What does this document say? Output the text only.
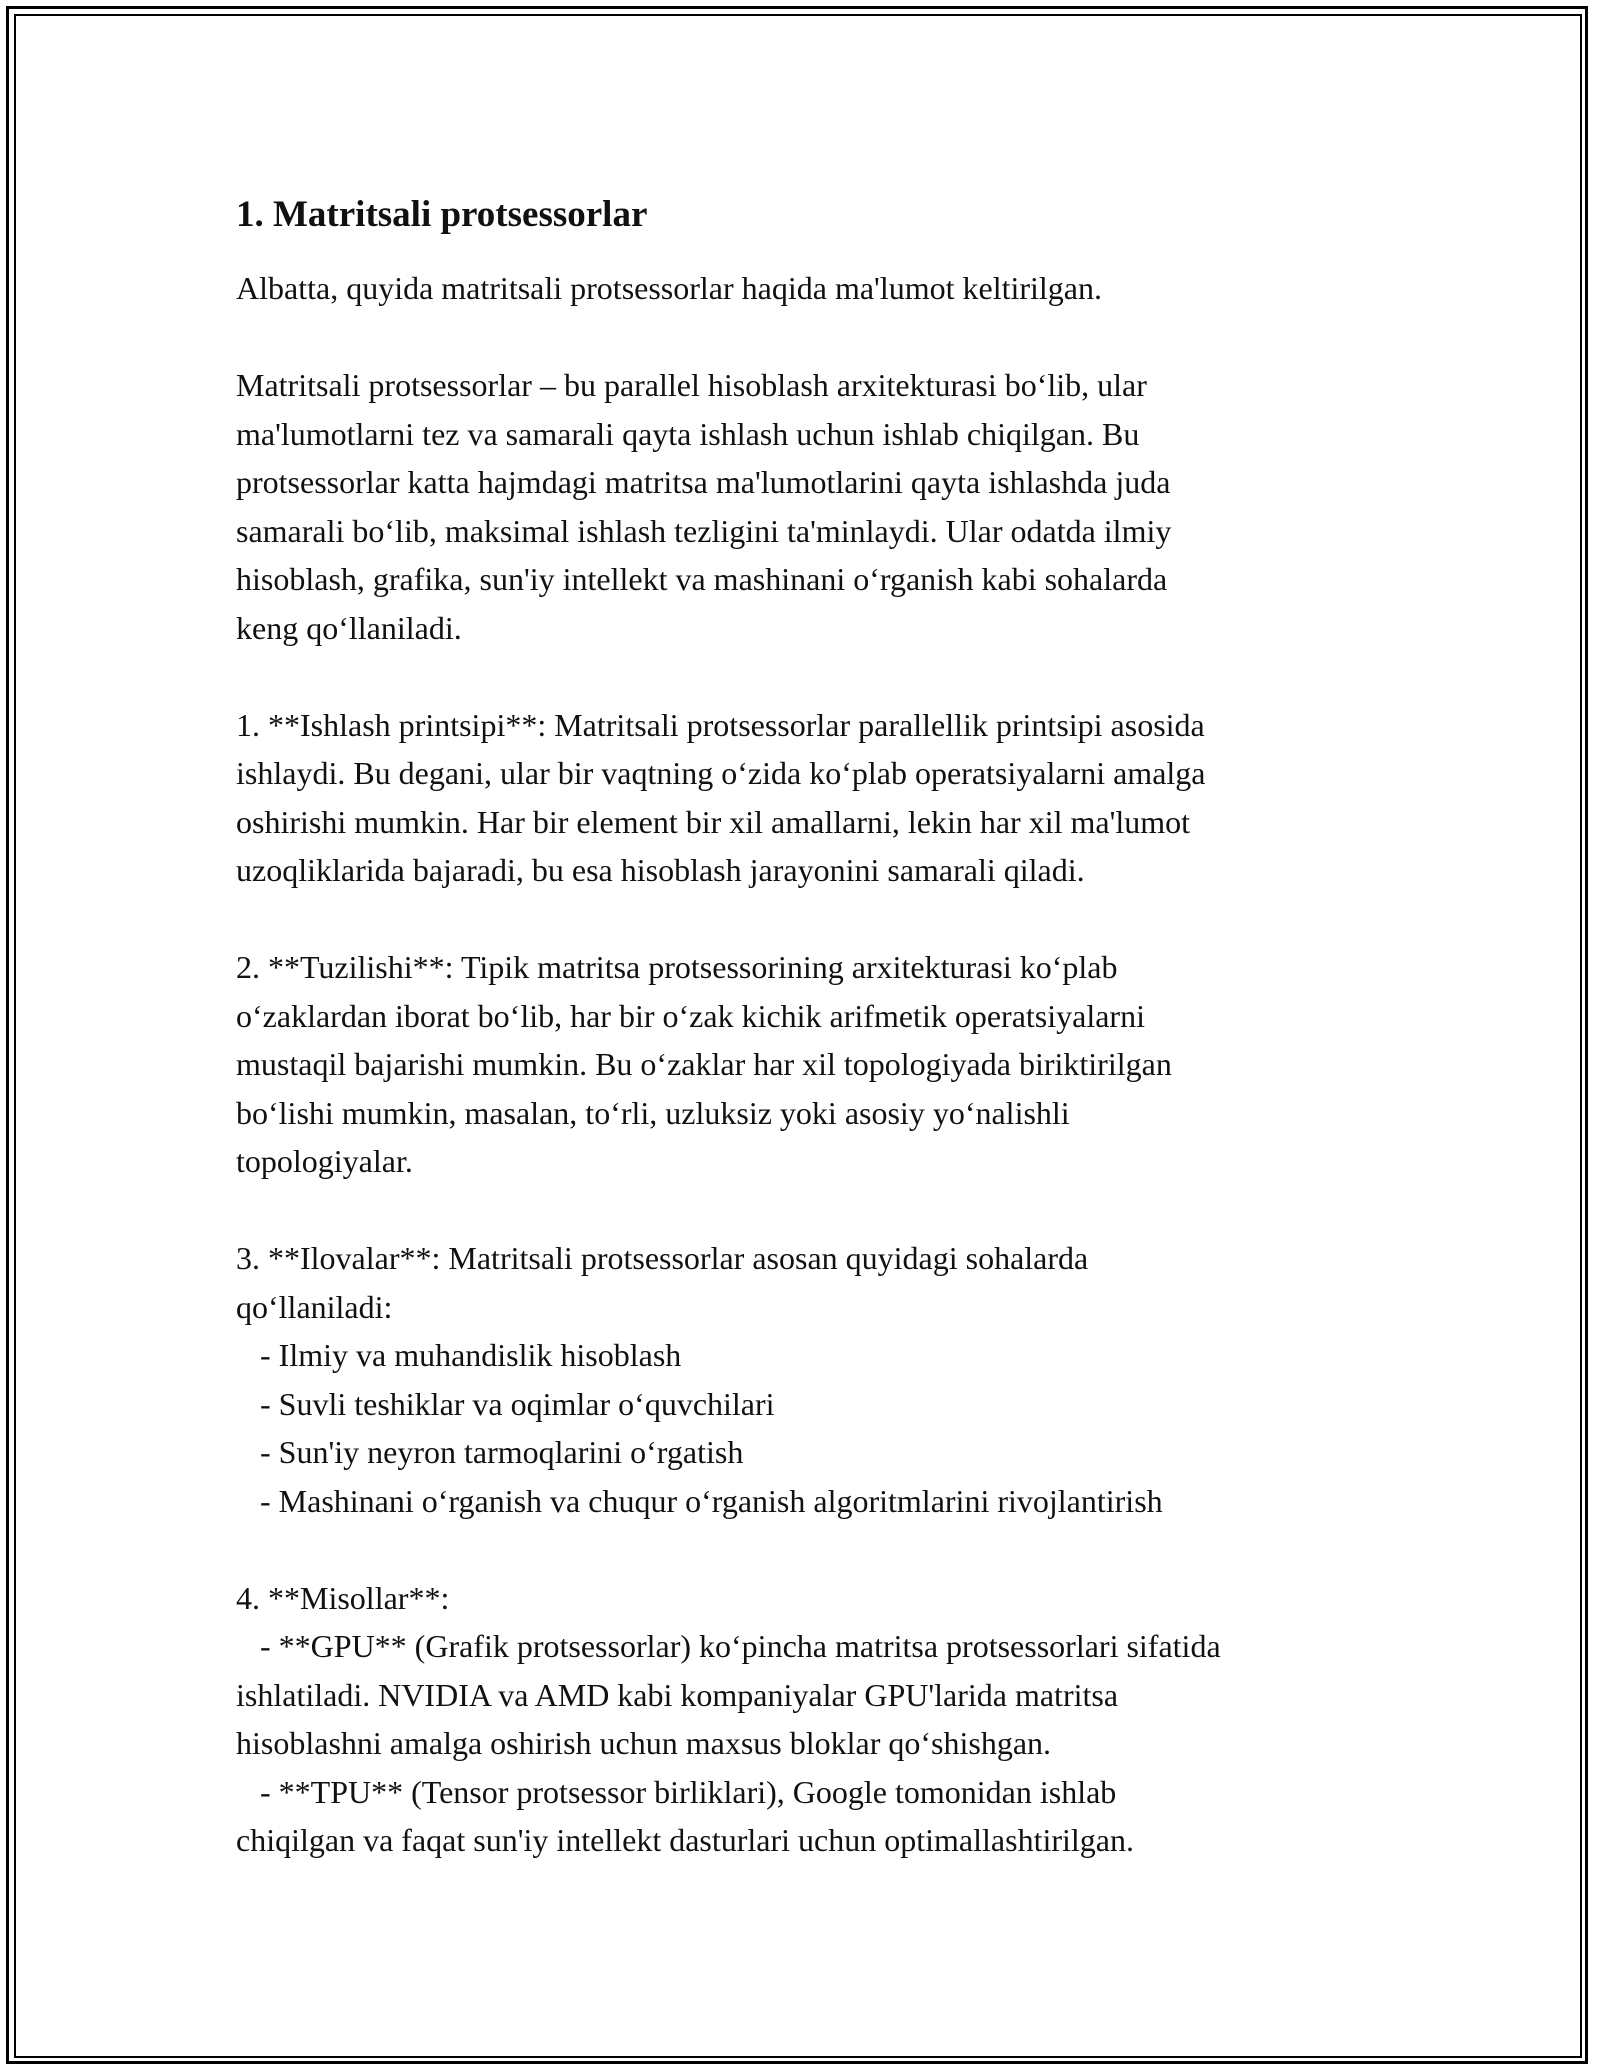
1. Matritsali protsessorlar
Albatta, quyida matritsali protsessorlar haqida ma'lumot keltirilgan.
Matritsali protsessorlar – bu parallel hisoblash arxitekturasi bo‘lib, ular
ma'lumotlarni tez va samarali qayta ishlash uchun ishlab chiqilgan. Bu
protsessorlar katta hajmdagi matritsa ma'lumotlarini qayta ishlashda juda
samarali bo‘lib, maksimal ishlash tezligini ta'minlaydi. Ular odatda ilmiy
hisoblash, grafika, sun'iy intellekt va mashinani o‘rganish kabi sohalarda
keng qo‘llaniladi.
1. **Ishlash printsipi**: Matritsali protsessorlar parallellik printsipi asosida
ishlaydi. Bu degani, ular bir vaqtning o‘zida ko‘plab operatsiyalarni amalga
oshirishi mumkin. Har bir element bir xil amallarni, lekin har xil ma'lumot
uzoqliklarida bajaradi, bu esa hisoblash jarayonini samarali qiladi.
2. **Tuzilishi**: Tipik matritsa protsessorining arxitekturasi ko‘plab
o‘zaklardan iborat bo‘lib, har bir o‘zak kichik arifmetik operatsiyalarni
mustaqil bajarishi mumkin. Bu o‘zaklar har xil topologiyada biriktirilgan
bo‘lishi mumkin, masalan, to‘rli, uzluksiz yoki asosiy yo‘nalishli
topologiyalar.
3. **Ilovalar**: Matritsali protsessorlar asosan quyidagi sohalarda
qo‘llaniladi:
- Ilmiy va muhandislik hisoblash
- Suvli teshiklar va oqimlar o‘quvchilari
- Sun'iy neyron tarmoqlarini o‘rgatish
- Mashinani o‘rganish va chuqur o‘rganish algoritmlarini rivojlantirish
4. **Misollar**:
- **GPU** (Grafik protsessorlar) ko‘pincha matritsa protsessorlari sifatida
ishlatiladi. NVIDIA va AMD kabi kompaniyalar GPU'larida matritsa
hisoblashni amalga oshirish uchun maxsus bloklar qo‘shishgan.
- **TPU** (Tensor protsessor birliklari), Google tomonidan ishlab
chiqilgan va faqat sun'iy intellekt dasturlari uchun optimallashtirilgan.
